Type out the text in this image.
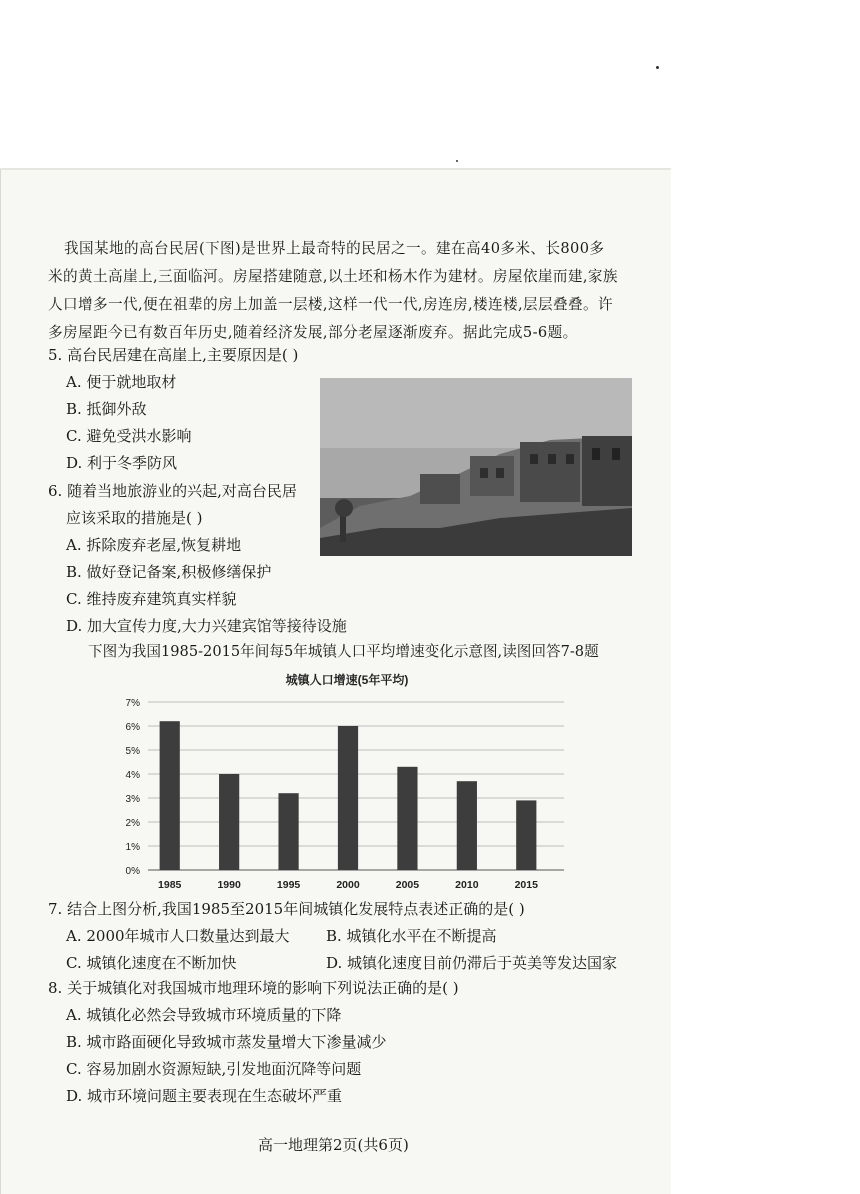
我国某地的高台民居(下图)是世界上最奇特的民居之一。建在高40多米、长800多
米的黄土高崖上,三面临河。房屋搭建随意,以土坯和杨木作为建材。房屋依崖而建,家族
人口增多一代,便在祖辈的房上加盖一层楼,这样一代一代,房连房,楼连楼,层层叠叠。许
多房屋距今已有数百年历史,随着经济发展,部分老屋逐渐废弃。据此完成5-6题。
5. 高台民居建在高崖上,主要原因是( )
A. 便于就地取材
B. 抵御外敌
C. 避免受洪水影响
D. 利于冬季防风
6. 随着当地旅游业的兴起,对高台民居
应该采取的措施是( )
A. 拆除废弃老屋,恢复耕地
B. 做好登记备案,积极修缮保护
C. 维持废弃建筑真实样貌
D. 加大宣传力度,大力兴建宾馆等接待设施
下图为我国1985-2015年间每5年城镇人口平均增速变化示意图,读图回答7-8题
城镇人口增速(5年平均)
1985	1990	1995	2000	2005	2010	2015
0%
1%
2%
3%
4%
5%
6%
7%
7. 结合上图分析,我国1985至2015年间城镇化发展特点表述正确的是( )
A. 2000年城市人口数量达到最大 B. 城镇化水平在不断提高
C. 城镇化速度在不断加快	D. 城镇化速度目前仍滞后于英美等发达国家
8. 关于城镇化对我国城市地理环境的影响下列说法正确的是( )
A. 城镇化必然会导致城市环境质量的下降
B. 城市路面硬化导致城市蒸发量增大下渗量减少
C. 容易加剧水资源短缺,引发地面沉降等问题
D. 城市环境问题主要表现在生态破坏严重
高一地理第2页(共6页)
